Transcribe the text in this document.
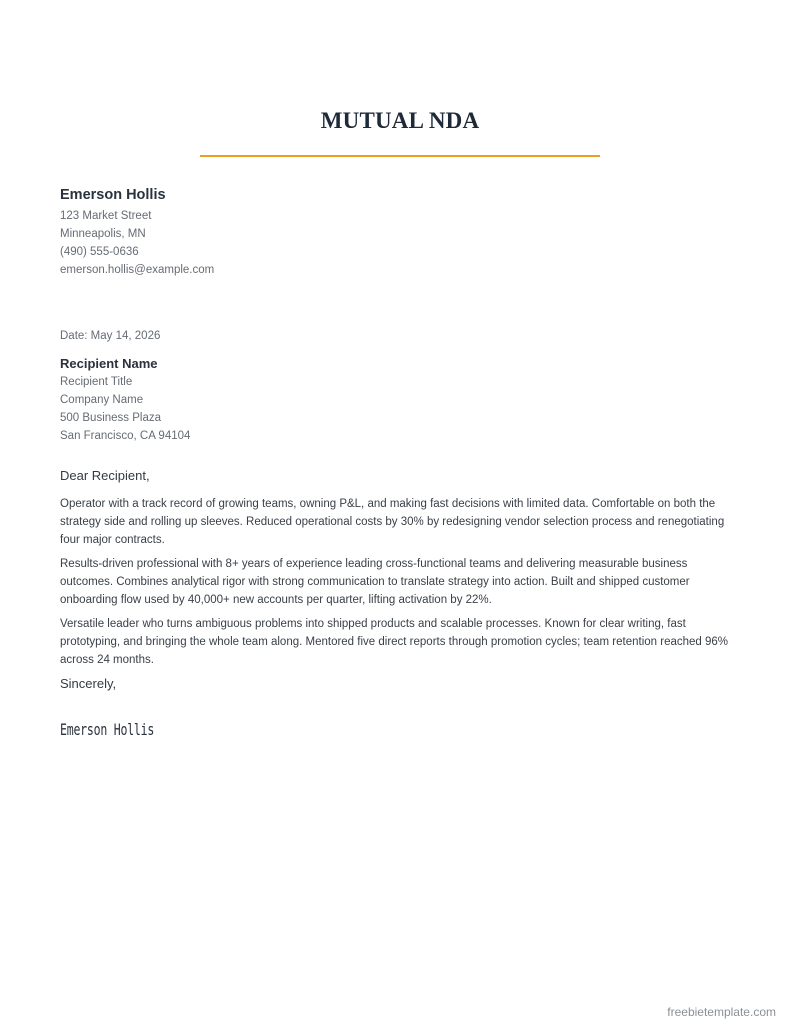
MUTUAL NDA
Emerson Hollis
123 Market Street
Minneapolis, MN
(490) 555-0636
emerson.hollis@example.com
Date: May 14, 2026
Recipient Name
Recipient Title
Company Name
500 Business Plaza
San Francisco, CA 94104
Dear Recipient,

Operator with a track record of growing teams, owning P&L, and making fast decisions with limited data. Comfortable on both the strategy side and rolling up sleeves. Reduced operational costs by 30% by redesigning vendor selection process and renegotiating four major contracts.

Results-driven professional with 8+ years of experience leading cross-functional teams and delivering measurable business outcomes. Combines analytical rigor with strong communication to translate strategy into action. Built and shipped customer onboarding flow used by 40,000+ new accounts per quarter, lifting activation by 22%.

Versatile leader who turns ambiguous problems into shipped products and scalable processes. Known for clear writing, fast prototyping, and bringing the whole team along. Mentored five direct reports through promotion cycles; team retention reached 96% across 24 months.

Sincerely,
Emerson Hollis
freebietemplate.com
